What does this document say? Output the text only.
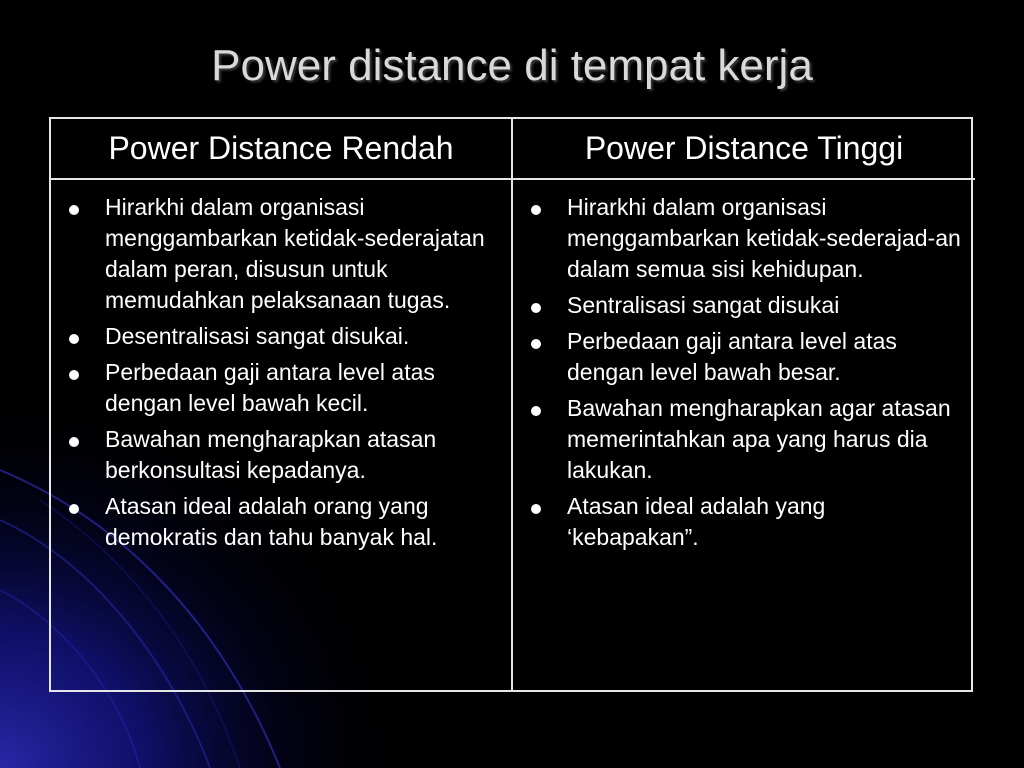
Power distance di tempat kerja
Power Distance Rendah	Power Distance Tinggi
Hirarkhi dalam organisasi menggambarkan ketidak-sederajatan dalam peran, disusun untuk memudahkan pelaksanaan tugas.
Desentralisasi sangat disukai.
Perbedaan gaji antara level atas dengan level bawah kecil.
Bawahan mengharapkan atasan berkonsultasi kepadanya.
Atasan ideal adalah orang yang demokratis dan tahu banyak hal.
Hirarkhi dalam organisasi menggambarkan ketidak-sederajad-an dalam semua sisi kehidupan.
Sentralisasi sangat disukai
Perbedaan gaji antara level atas dengan level bawah besar.
Bawahan mengharapkan agar atasan memerintahkan apa yang harus dia lakukan.
Atasan ideal adalah yang ‘kebapakan”.
